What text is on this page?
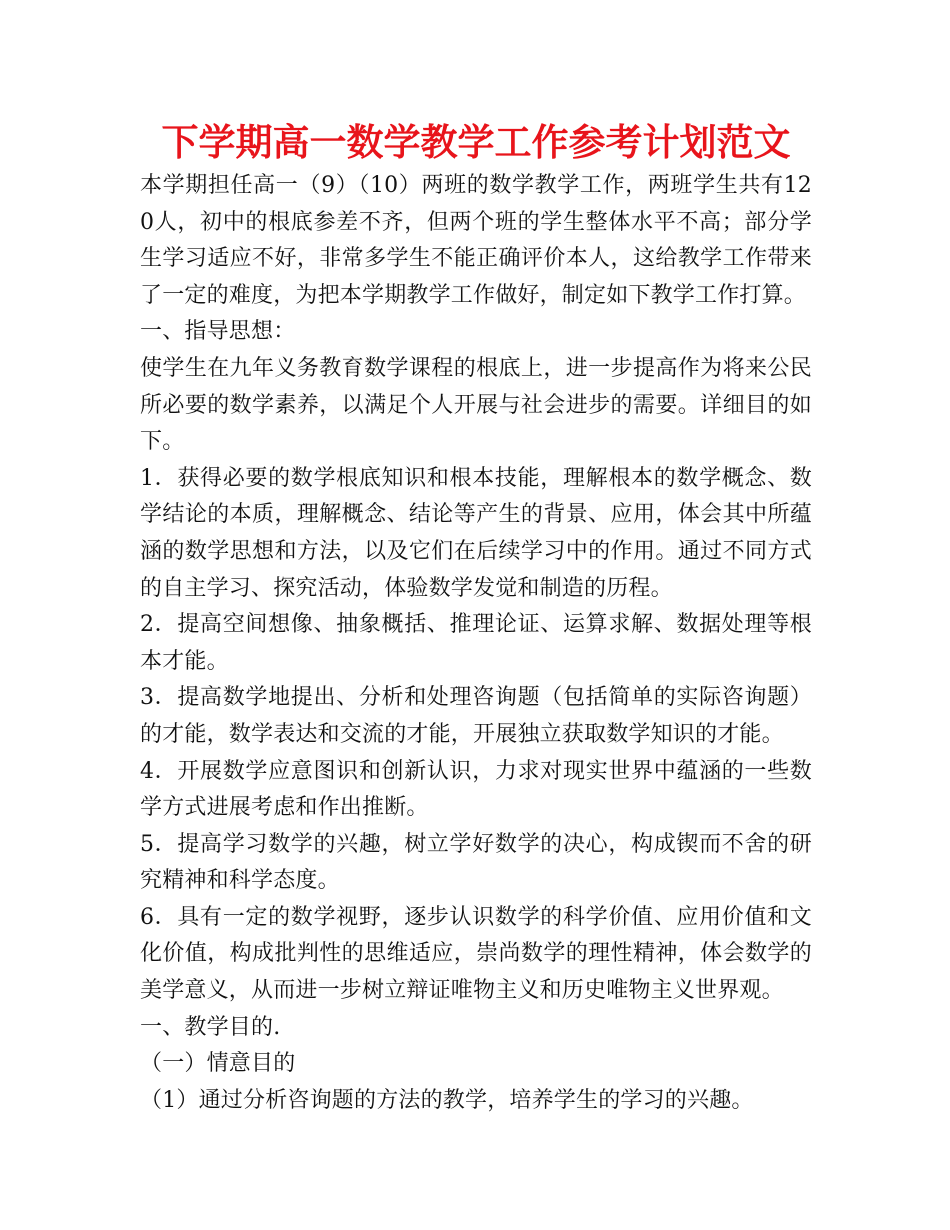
下学期高一数学教学工作参考计划范文

本学期担任高一（9）（10）两班的数学教学工作，两班学生共有120人，初中的根底参差不齐，但两个班的学生整体水平不高；部分学生学习适应不好，非常多学生不能正确评价本人，这给教学工作带来了一定的难度，为把本学期教学工作做好，制定如下教学工作打算。

一、指导思想：

使学生在九年义务教育数学课程的根底上，进一步提高作为将来公民所必要的数学素养，以满足个人开展与社会进步的需要。详细目的如下。

1．获得必要的数学根底知识和根本技能，理解根本的数学概念、数学结论的本质，理解概念、结论等产生的背景、应用，体会其中所蕴涵的数学思想和方法，以及它们在后续学习中的作用。通过不同方式的自主学习、探究活动，体验数学发觉和制造的历程。

2．提高空间想像、抽象概括、推理论证、运算求解、数据处理等根本才能。

3．提高数学地提出、分析和处理咨询题（包括简单的实际咨询题）的才能，数学表达和交流的才能，开展独立获取数学知识的才能。

4．开展数学应意图识和创新认识，力求对现实世界中蕴涵的一些数学方式进展考虑和作出推断。

5．提高学习数学的兴趣，树立学好数学的决心，构成锲而不舍的研究精神和科学态度。

6．具有一定的数学视野，逐步认识数学的科学价值、应用价值和文化价值，构成批判性的思维适应，崇尚数学的理性精神，体会数学的美学意义，从而进一步树立辩证唯物主义和历史唯物主义世界观。

一、教学目的.

（一）情意目的

（1）通过分析咨询题的方法的教学，培养学生的学习的兴趣。
